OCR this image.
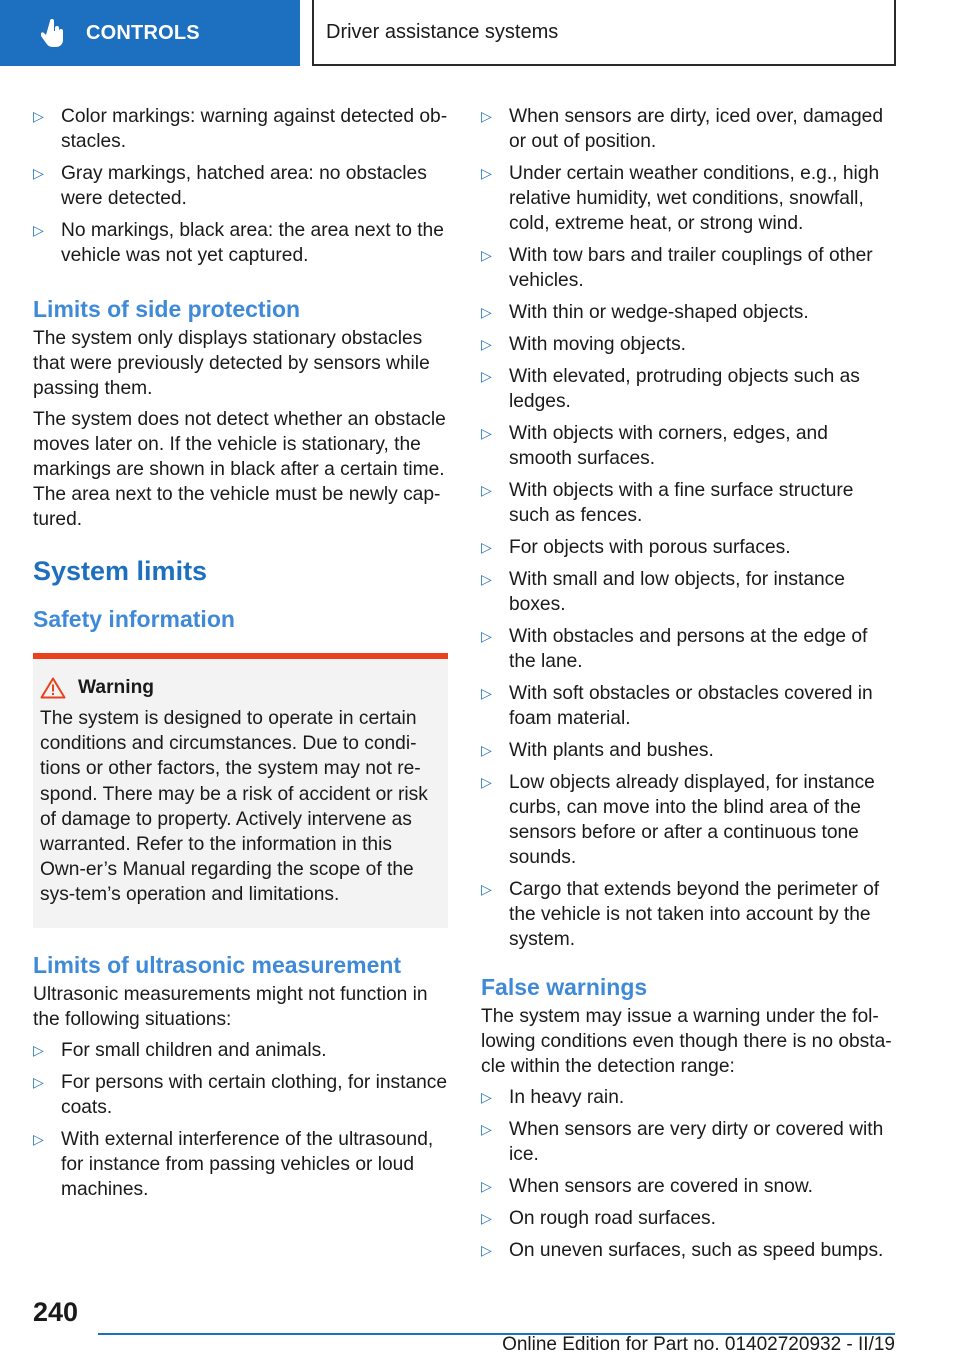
CONTROLS	Driver assistance systems
▷ Color markings: warning against detected ob‐stacles.
▷ Gray markings, hatched area: no obstacles were detected.
▷ No markings, black area: the area next to the vehicle was not yet captured.
Limits of side protection

The system only displays stationary obstacles that were previously detected by sensors while passing them.

The system does not detect whether an obstacle moves later on. If the vehicle is stationary, the markings are shown in black after a certain time. The area next to the vehicle must be newly cap‐tured.

System limits
Safety information
Warning

The system is designed to operate in certain conditions and circumstances. Due to condi‐tions or other factors, the system may not re‐spond. There may be a risk of accident or risk of damage to property. Actively intervene as warranted. Refer to the information in this Own‐er’s Manual regarding the scope of the sys‐tem’s operation and limitations.

Limits of ultrasonic measurement

Ultrasonic measurements might not function in the following situations:

▷ For small children and animals.
▷ For persons with certain clothing, for instance coats.
▷ With external interference of the ultrasound, for instance from passing vehicles or loud machines.
▷ When sensors are dirty, iced over, damaged or out of position.
▷ Under certain weather conditions, e.g., high relative humidity, wet conditions, snowfall, cold, extreme heat, or strong wind.
▷ With tow bars and trailer couplings of other vehicles.
▷ With thin or wedge-shaped objects.
▷ With moving objects.
▷ With elevated, protruding objects such as ledges.
▷ With objects with corners, edges, and smooth surfaces.
▷ With objects with a fine surface structure such as fences.
▷ For objects with porous surfaces.
▷ With small and low objects, for instance boxes.
▷ With obstacles and persons at the edge of the lane.
▷ With soft obstacles or obstacles covered in foam material.
▷ With plants and bushes.
▷ Low objects already displayed, for instance curbs, can move into the blind area of the sensors before or after a continuous tone sounds.
▷ Cargo that extends beyond the perimeter of the vehicle is not taken into account by the system.
False warnings

The system may issue a warning under the fol‐lowing conditions even though there is no obsta‐cle within the detection range:

▷ In heavy rain.
▷ When sensors are very dirty or covered with ice.
▷ When sensors are covered in snow.
▷ On rough road surfaces.
▷ On uneven surfaces, such as speed bumps.
240
Online Edition for Part no. 01402720932 - II/19
